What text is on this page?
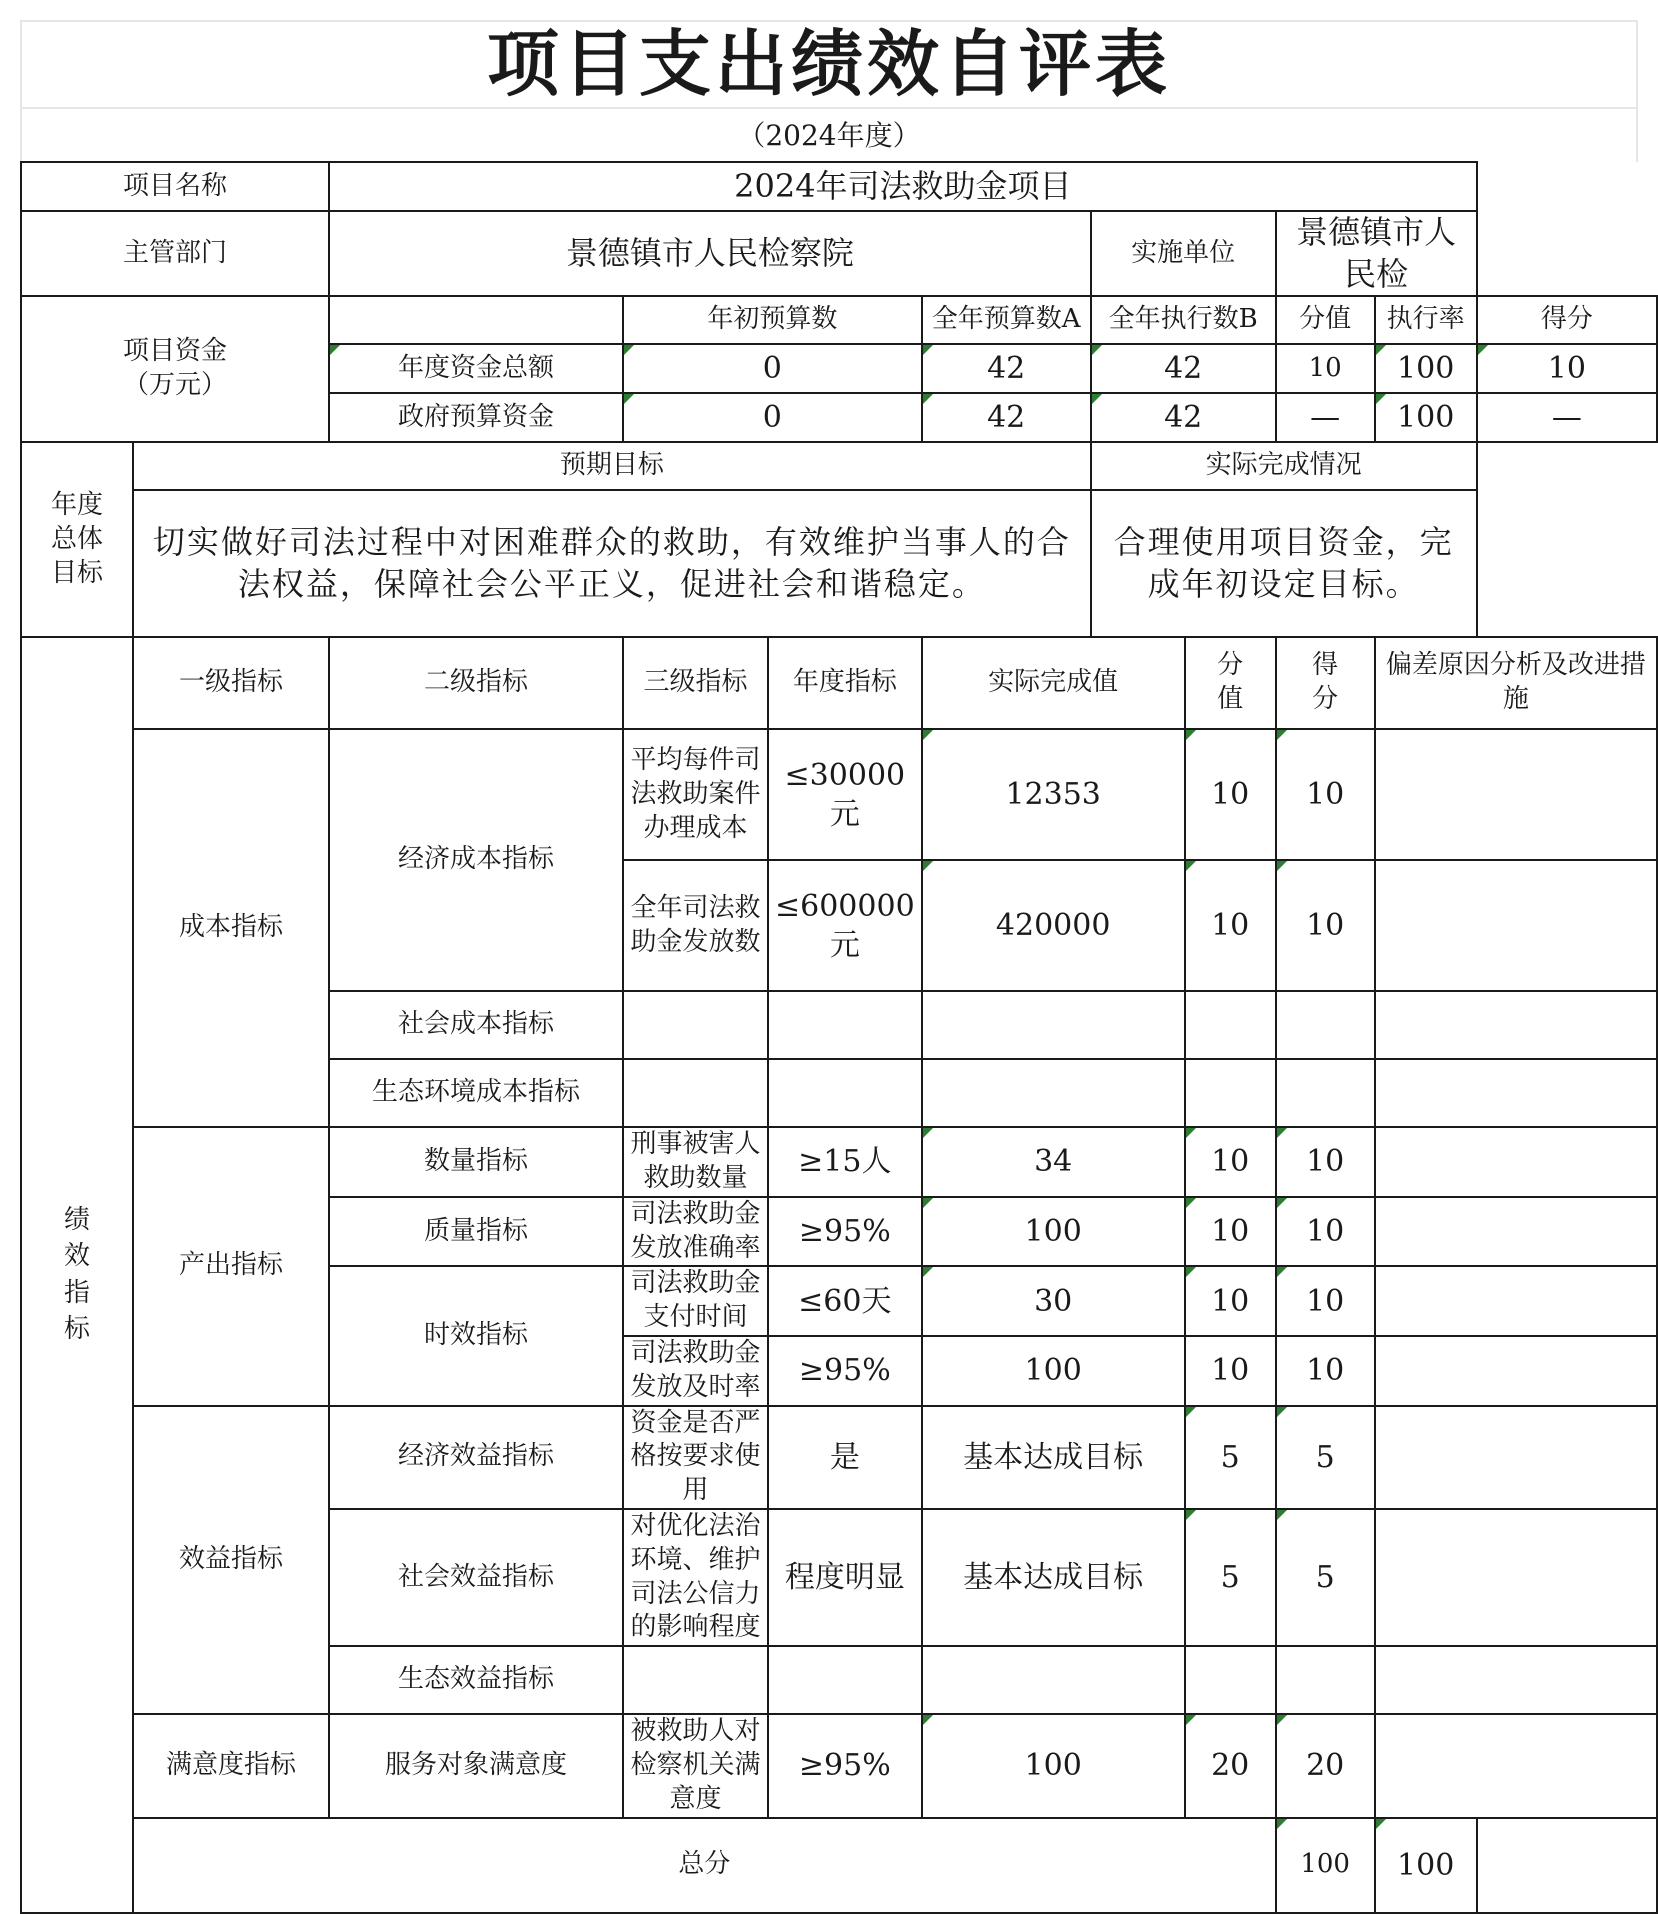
项目支出绩效自评表
（2024年度）
项目名称		2024年司法救助金项目								
主管部门		景德镇市人民检察院				实施单位		景德镇市人民检		

项目资金
（万元）			年初预算数		全年预算数A	全年执行数B		分值	执行率	得分
		年度资金总额	0		42	42		10	100	10
		政府预算资金	0		42	42		—	100	—

年度
总体
目标	预期目标					实际完成情况				
	切实做好司法过程中对困难群众的救助，有效维护当事人的合法权益，保障社会公平正义，促进社会和谐稳定。					合理使用项目资金，完成年初设定目标。				

绩
效
指
标	一级指标	二级指标	三级指标	年度指标	实际完成值		分值	得分	偏差原因分析及改进措施	
	成本指标	经济成本指标	平均每件司法救助案件办理成本	≤30000元	12353		10	10		
			全年司法救助金发放数	≤600000元	420000		10	10		
		社会成本指标								
		生态环境成本指标								
	产出指标	数量指标	刑事被害人救助数量	≥15人	34		10	10		
		质量指标	司法救助金发放准确率	≥95%	100		10	10		
		时效指标	司法救助金支付时间	≤60天	30		10	10		
			司法救助金发放及时率	≥95%	100		10	10		
	效益指标	经济效益指标	资金是否严格按要求使用	是	基本达成目标		5	5		
		社会效益指标	对优化法治环境、维护司法公信力的影响程度	程度明显	基本达成目标		5	5		
		生态效益指标								
	满意度指标	服务对象满意度	被救助人对检察机关满意度	≥95%	100		20	20		
	总分							100	100	
